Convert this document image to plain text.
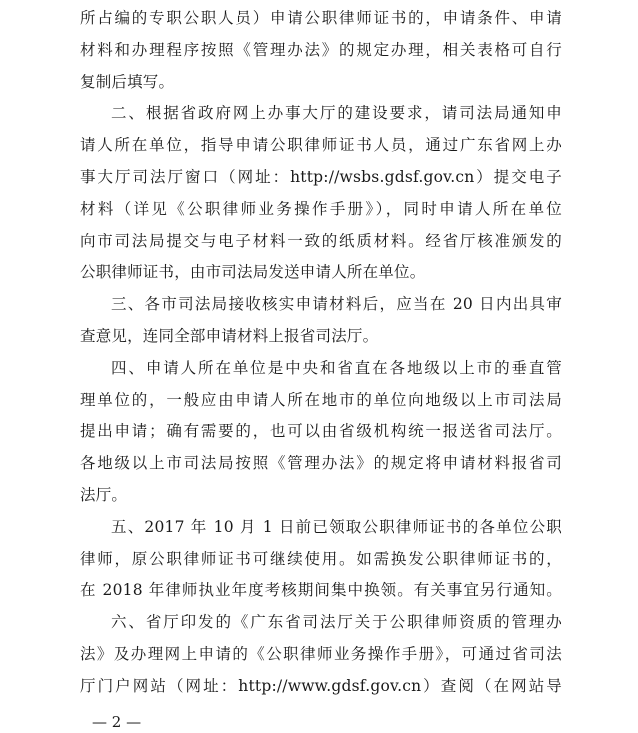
所占编的专职公职人员）申请公职律师证书的，申请条件、申请
材料和办理程序按照《管理办法》的规定办理，相关表格可自行
复制后填写。
二、根据省政府网上办事大厅的建设要求，请司法局通知申
请人所在单位，指导申请公职律师证书人员，通过广东省网上办
事大厅司法厅窗口（网址：http://wsbs.gdsf.gov.cn）提交电子
材料（详见《公职律师业务操作手册》），同时申请人所在单位
向市司法局提交与电子材料一致的纸质材料。经省厅核准颁发的
公职律师证书，由市司法局发送申请人所在单位。
三、各市司法局接收核实申请材料后，应当在 20 日内出具审
查意见，连同全部申请材料上报省司法厅。
四、申请人所在单位是中央和省直在各地级以上市的垂直管
理单位的，一般应由申请人所在地市的单位向地级以上市司法局
提出申请；确有需要的，也可以由省级机构统一报送省司法厅。
各地级以上市司法局按照《管理办法》的规定将申请材料报省司
法厅。
五、2017 年 10 月 1 日前已领取公职律师证书的各单位公职
律师，原公职律师证书可继续使用。如需换发公职律师证书的，
在 2018 年律师执业年度考核期间集中换领。有关事宜另行通知。
六、省厅印发的《广东省司法厅关于公职律师资质的管理办
法》及办理网上申请的《公职律师业务操作手册》，可通过省司法
厅门户网站（网址：http://www.gdsf.gov.cn）查阅（在网站导
— 2 —
